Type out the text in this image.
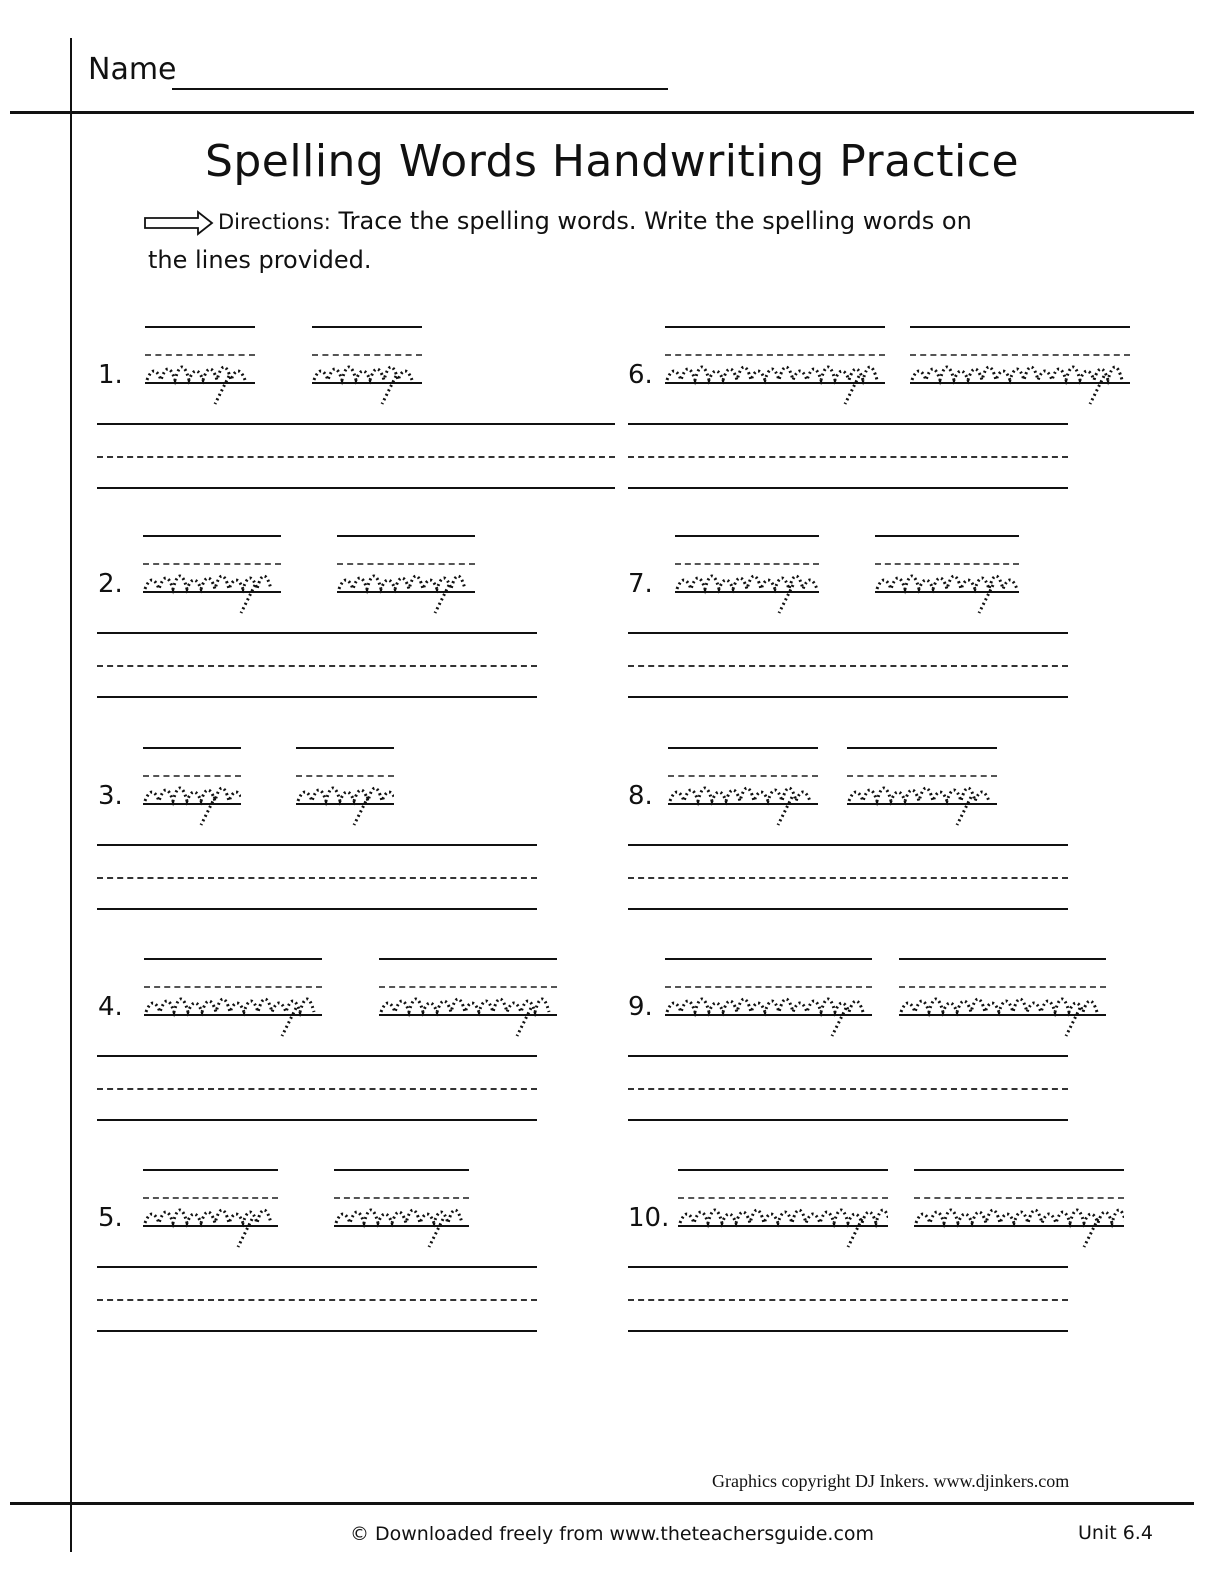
Name
Spelling Words Handwriting Practice
Directions: Trace the spelling words. Write the spelling words on
the lines provided.
1.
2.
3.
4.
5.
6.
7.
8.
9.
10.
Graphics copyright DJ Inkers. www.djinkers.com
© Downloaded freely from www.theteachersguide.com	Unit 6.4
